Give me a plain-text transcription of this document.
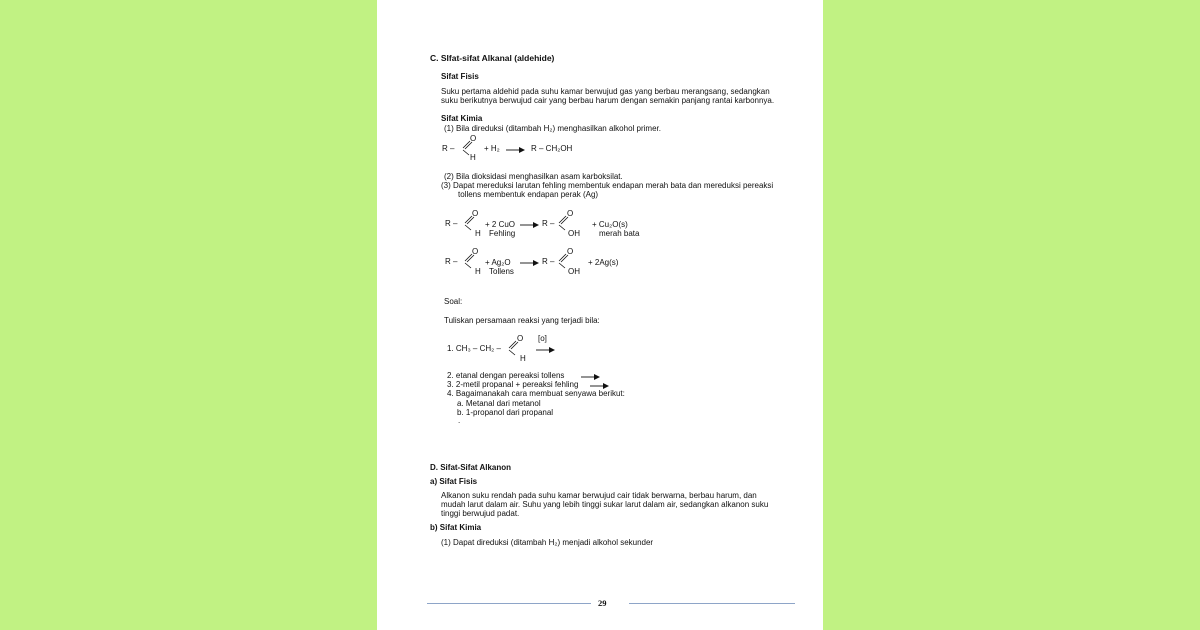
C. SIfat-sifat Alkanal (aldehide)
Sifat Fisis
Suku pertama aldehid pada suhu kamar berwujud gas yang berbau merangsang, sedangkan
suku berikutnya berwujud cair yang berbau harum dengan semakin panjang rantai karbonnya.
Sifat Kimia
(1) Bila direduksi (ditambah H₂) menghasilkan alkohol primer.
R –
O
H
+ H₂ → R – CH₂OH
(2) Bila dioksidasi menghasilkan asam karboksilat.
(3) Dapat mereduksi larutan fehling membentuk endapan merah bata dan mereduksi pereaksi
tollens membentuk endapan perak (Ag)
R –
O
H
+ 2 CuO
Fehling
→ R –
O
OH
+ Cu₂O(s)
merah bata
R –
O
H
+ Ag₂O
Tollens
→ R –
O
OH
+ 2Ag(s)
Soal:
Tuliskan persamaan reaksi yang terjadi bila:
1. CH₃ – CH₂ –
O
H
[o]
2. etanal dengan pereaksi tollens →
3. 2-metil propanal + pereaksi fehling →
4. Bagaimanakah cara membuat senyawa berikut:
a. Metanal dari metanol
b. 1-propanol dari propanal
.
D. Sifat-Sifat Alkanon
a) Sifat Fisis
Alkanon suku rendah pada suhu kamar berwujud cair tidak berwarna, berbau harum, dan
mudah larut dalam air. Suhu yang lebih tinggi sukar larut dalam air, sedangkan alkanon suku
tinggi berwujud padat.
b) Sifat Kimia
(1) Dapat direduksi (ditambah H₂) menjadi alkohol sekunder
29
